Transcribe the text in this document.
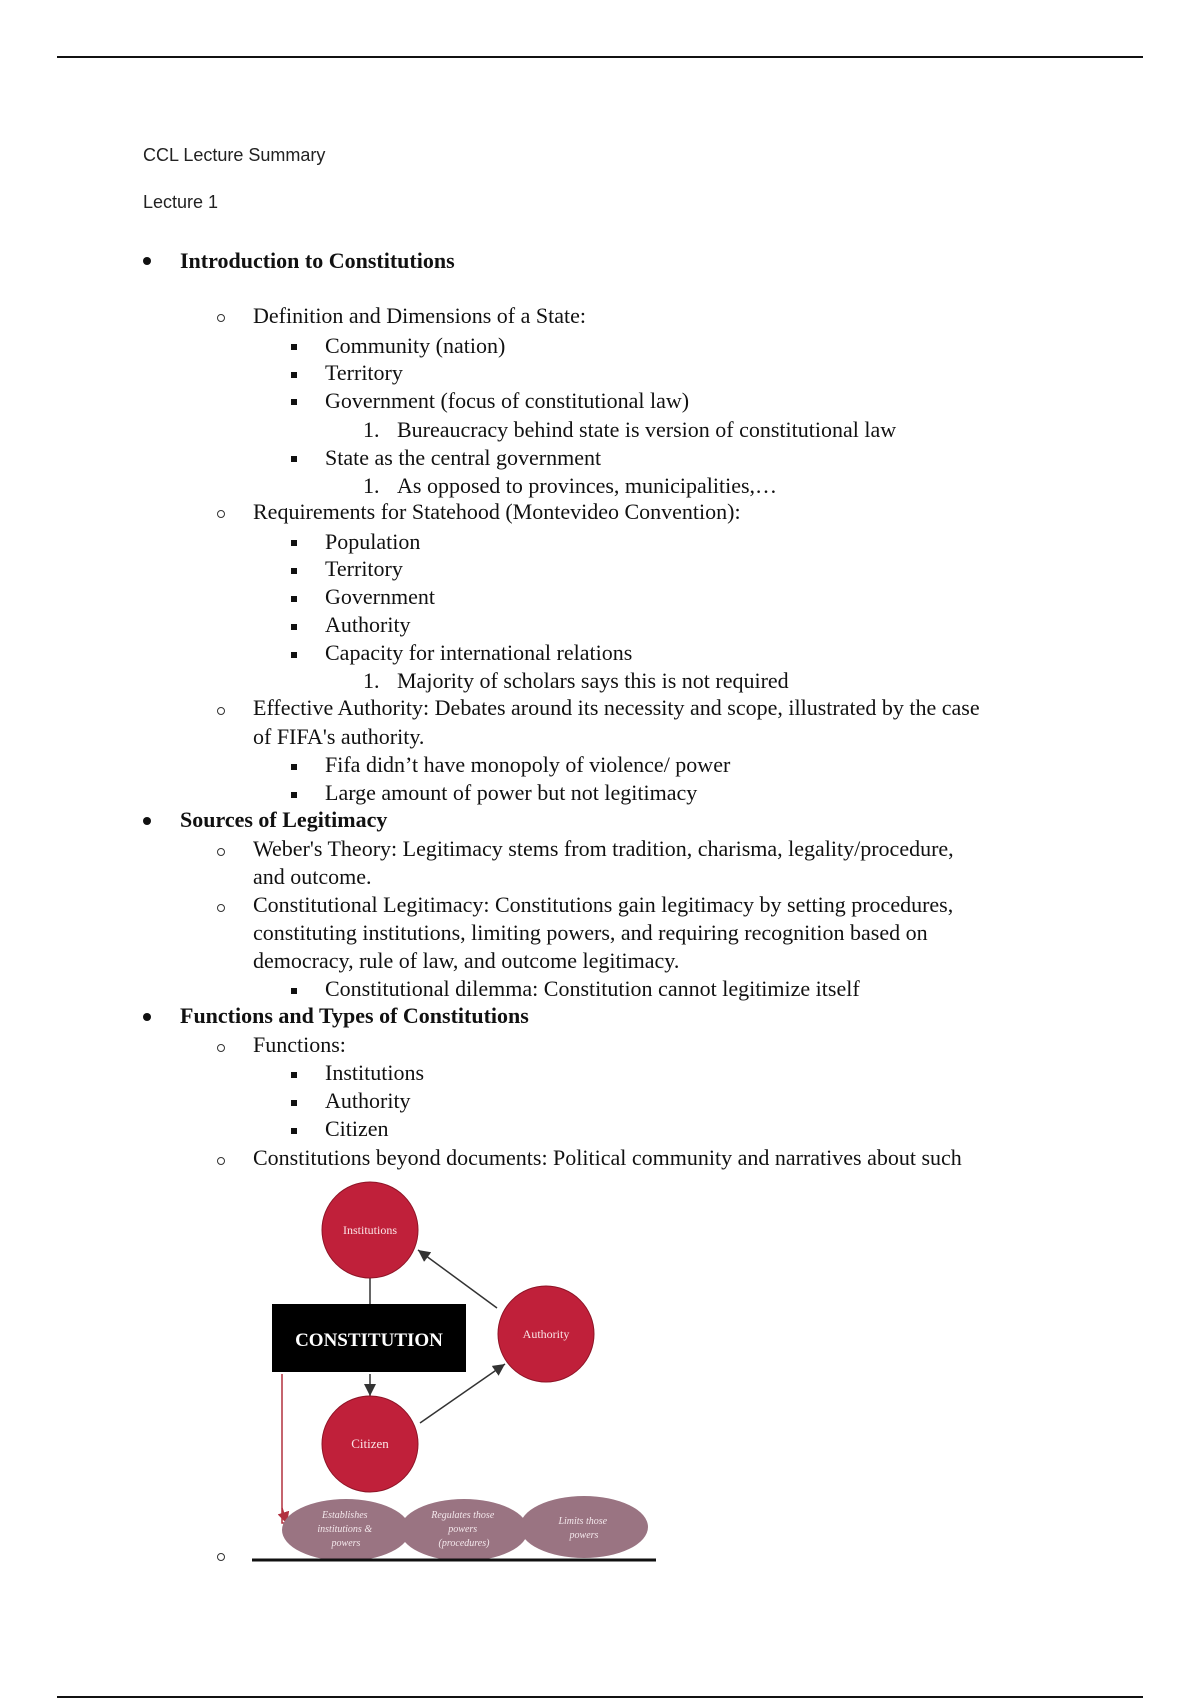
CCL Lecture Summary
Lecture 1
Introduction to Constitutions
Definition and Dimensions of a State:
Community (nation)
Territory
Government (focus of constitutional law)
1. Bureaucracy behind state is version of constitutional law
State as the central government
1. As opposed to provinces, municipalities,…
Requirements for Statehood (Montevideo Convention):
Population
Territory
Government
Authority
Capacity for international relations
1. Majority of scholars says this is not required
Effective Authority: Debates around its necessity and scope, illustrated by the case
of FIFA's authority.
Fifa didn’t have monopoly of violence/ power
Large amount of power but not legitimacy
Sources of Legitimacy
Weber's Theory: Legitimacy stems from tradition, charisma, legality/procedure,
and outcome.
Constitutional Legitimacy: Constitutions gain legitimacy by setting procedures,
constituting institutions, limiting powers, and requiring recognition based on
democracy, rule of law, and outcome legitimacy.
Constitutional dilemma: Constitution cannot legitimize itself
Functions and Types of Constitutions
Functions:
Institutions
Authority
Citizen
Constitutions beyond documents: Political community and narratives about such
Institutions
CONSTITUTION	Authority
Citizen
Establishes institutions & powers
Regulates those powers (procedures)
Limits those powers
